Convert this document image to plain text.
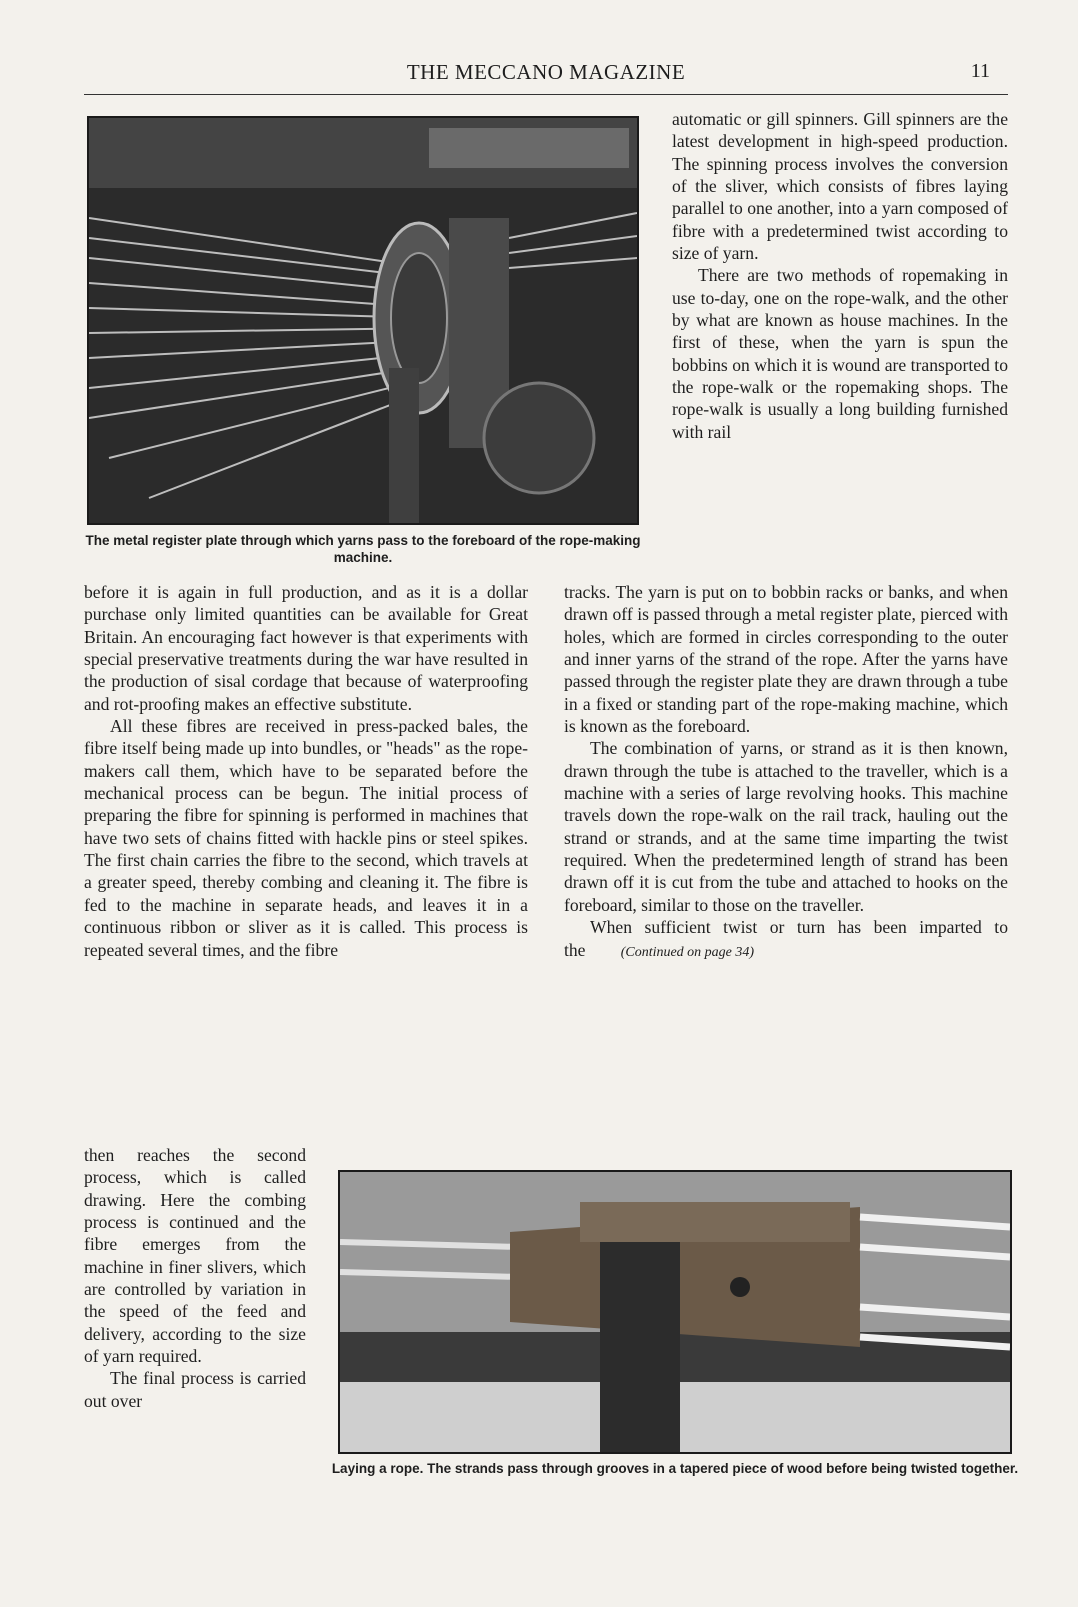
THE MECCANO MAGAZINE	11
The metal register plate through which yarns pass to the foreboard of the rope-making machine.

automatic or gill spinners. Gill spinners are the latest development in high-speed production. The spinning process involves the conversion of the sliver, which consists of fibres laying parallel to one another, into a yarn composed of fibre with a predetermined twist according to size of yarn.

There are two methods of ropemaking in use to-day, one on the rope-walk, and the other by what are known as house machines. In the first of these, when the yarn is spun the bobbins on which it is wound are transported to the rope-walk or the ropemaking shops. The rope-walk is usually a long building furnished with rail

before it is again in full production, and as it is a dollar purchase only limited quantities can be available for Great Britain. An encouraging fact however is that experiments with special preservative treatments during the war have resulted in the production of sisal cordage that because of waterproofing and rot-proofing makes an effective substitute.

All these fibres are received in press-packed bales, the fibre itself being made up into bundles, or "heads" as the rope-makers call them, which have to be separated before the mechanical process can be begun. The initial process of preparing the fibre for spinning is performed in machines that have two sets of chains fitted with hackle pins or steel spikes. The first chain carries the fibre to the second, which travels at a greater speed, thereby combing and cleaning it. The fibre is fed to the machine in separate heads, and leaves it in a continuous ribbon or sliver as it is called. This process is repeated several times, and the fibre

tracks. The yarn is put on to bobbin racks or banks, and when drawn off is passed through a metal register plate, pierced with holes, which are formed in circles corresponding to the outer and inner yarns of the strand of the rope. After the yarns have passed through the register plate they are drawn through a tube in a fixed or standing part of the rope-making machine, which is known as the foreboard.

The combination of yarns, or strand as it is then known, drawn through the tube is attached to the traveller, which is a machine with a series of large revolving hooks. This machine travels down the rope-walk on the rail track, hauling out the strand or strands, and at the same time imparting the twist required. When the predetermined length of strand has been drawn off it is cut from the tube and attached to hooks on the foreboard, similar to those on the traveller.

When sufficient twist or turn has been imparted to the	(Continued on page 34)

then reaches the second process, which is called drawing. Here the combing process is continued and the fibre emerges from the machine in finer slivers, which are controlled by variation in the speed of the feed and delivery, according to the size of yarn required.

The final process is carried out over

Laying a rope. The strands pass through grooves in a tapered piece of wood before being twisted together.
